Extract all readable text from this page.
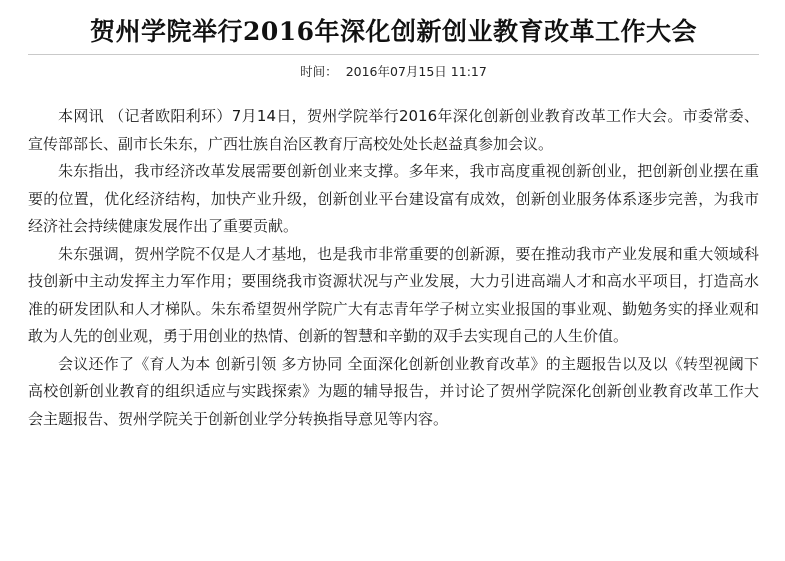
贺州学院举行2016年深化创新创业教育改革工作大会
时间： 2016年07月15日 11:17

本网讯 （记者欧阳利环）7月14日，贺州学院举行2016年深化创新创业教育改革工作大会。市委常委、宣传部部长、副市长朱东，广西壮族自治区教育厅高校处处长赵益真参加会议。

朱东指出，我市经济改革发展需要创新创业来支撑。多年来，我市高度重视创新创业，把创新创业摆在重要的位置，优化经济结构，加快产业升级，创新创业平台建设富有成效，创新创业服务体系逐步完善，为我市经济社会持续健康发展作出了重要贡献。

朱东强调，贺州学院不仅是人才基地，也是我市非常重要的创新源，要在推动我市产业发展和重大领域科技创新中主动发挥主力军作用；要围绕我市资源状况与产业发展，大力引进高端人才和高水平项目，打造高水准的研发团队和人才梯队。朱东希望贺州学院广大有志青年学子树立实业报国的事业观、勤勉务实的择业观和敢为人先的创业观，勇于用创业的热情、创新的智慧和辛勤的双手去实现自己的人生价值。

会议还作了《育人为本 创新引领 多方协同 全面深化创新创业教育改革》的主题报告以及以《转型视阈下高校创新创业教育的组织适应与实践探索》为题的辅导报告，并讨论了贺州学院深化创新创业教育改革工作大会主题报告、贺州学院关于创新创业学分转换指导意见等内容。
